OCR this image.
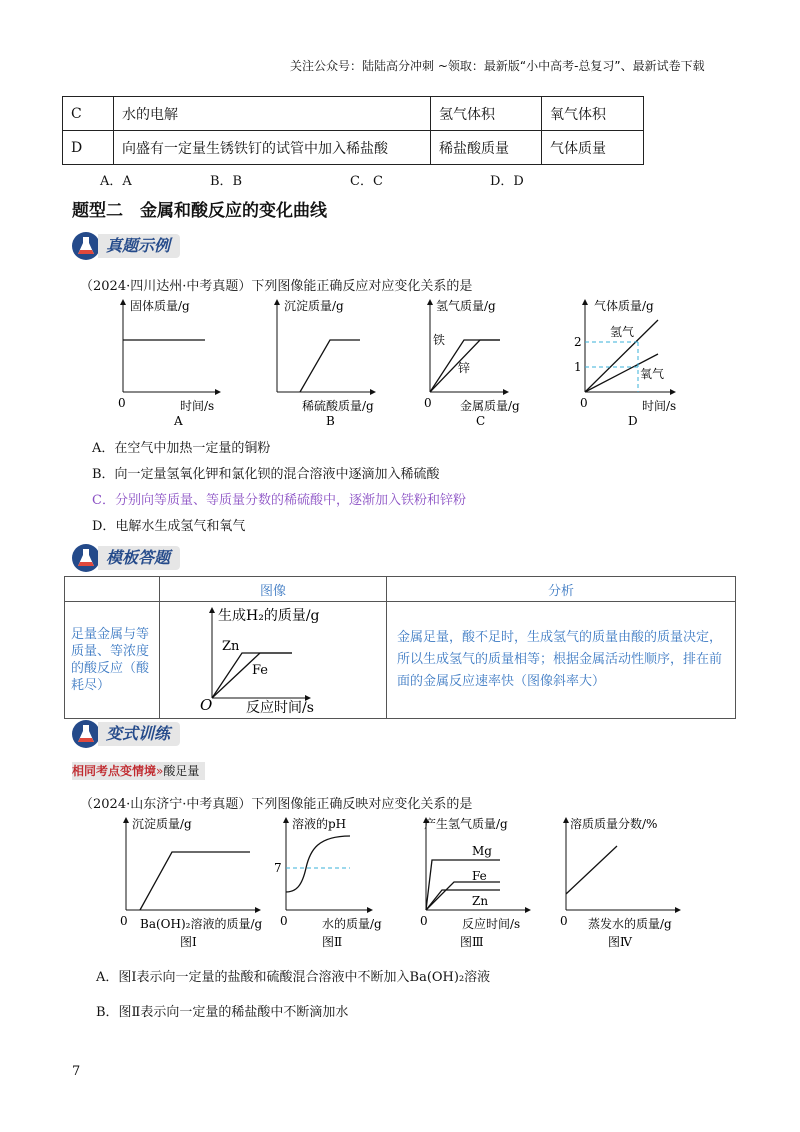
关注公众号：陆陆高分冲刺 ~领取：最新版“小中高考-总复习”、最新试卷下载
C	水的电解	氢气体积	氧气体积
D	向盛有一定量生锈铁钉的试管中加入稀盐酸	稀盐酸质量	气体质量
A．A	B．B	C．C	D．D
题型二　金属和酸反应的变化曲线
真题示例
（2024·四川达州·中考真题）下列图像能正确反应对应变化关系的是
固体质量/g
0	时间/s
A
沉淀质量/g
稀硫酸质量/g
B
氢气质量/g
铁
锌
0 金属质量/g
C
气体质量/g
2
1
氢气
氧气
0	时间/s
D
A．在空气中加热一定量的铜粉
B．向一定量氢氧化钾和氯化钡的混合溶液中逐滴加入稀硫酸
C．分别向等质量、等质量分数的稀硫酸中，逐渐加入铁粉和锌粉
D．电解水生成氢气和氧气
模板答题
	图像	分析
足量金属与等质量、等浓度的酸反应（酸耗尽）	生成H₂的质量/g
Zn
Fe
O 反应时间/s	金属足量，酸不足时，生成氢气的质量由酸的质量决定，所以生成氢气的质量相等；根据金属活动性顺序，排在前面的金属反应速率快（图像斜率大）
变式训练
相同考点变情境»酸足量
（2024·山东济宁·中考真题）下列图像能正确反映对应变化关系的是
沉淀质量/g
0 Ba(OH)₂溶液的质量/g
图Ⅰ
溶液的pH
7
0	水的质量/g
图Ⅱ
产生氢气质量/g
Mg
Fe
Zn
0	反应时间/s
图Ⅲ
溶质质量分数/%
0 蒸发水的质量/g
图Ⅳ
A．图Ⅰ表示向一定量的盐酸和硫酸混合溶液中不断加入Ba(OH)₂溶液
B．图Ⅱ表示向一定量的稀盐酸中不断滴加水
7
